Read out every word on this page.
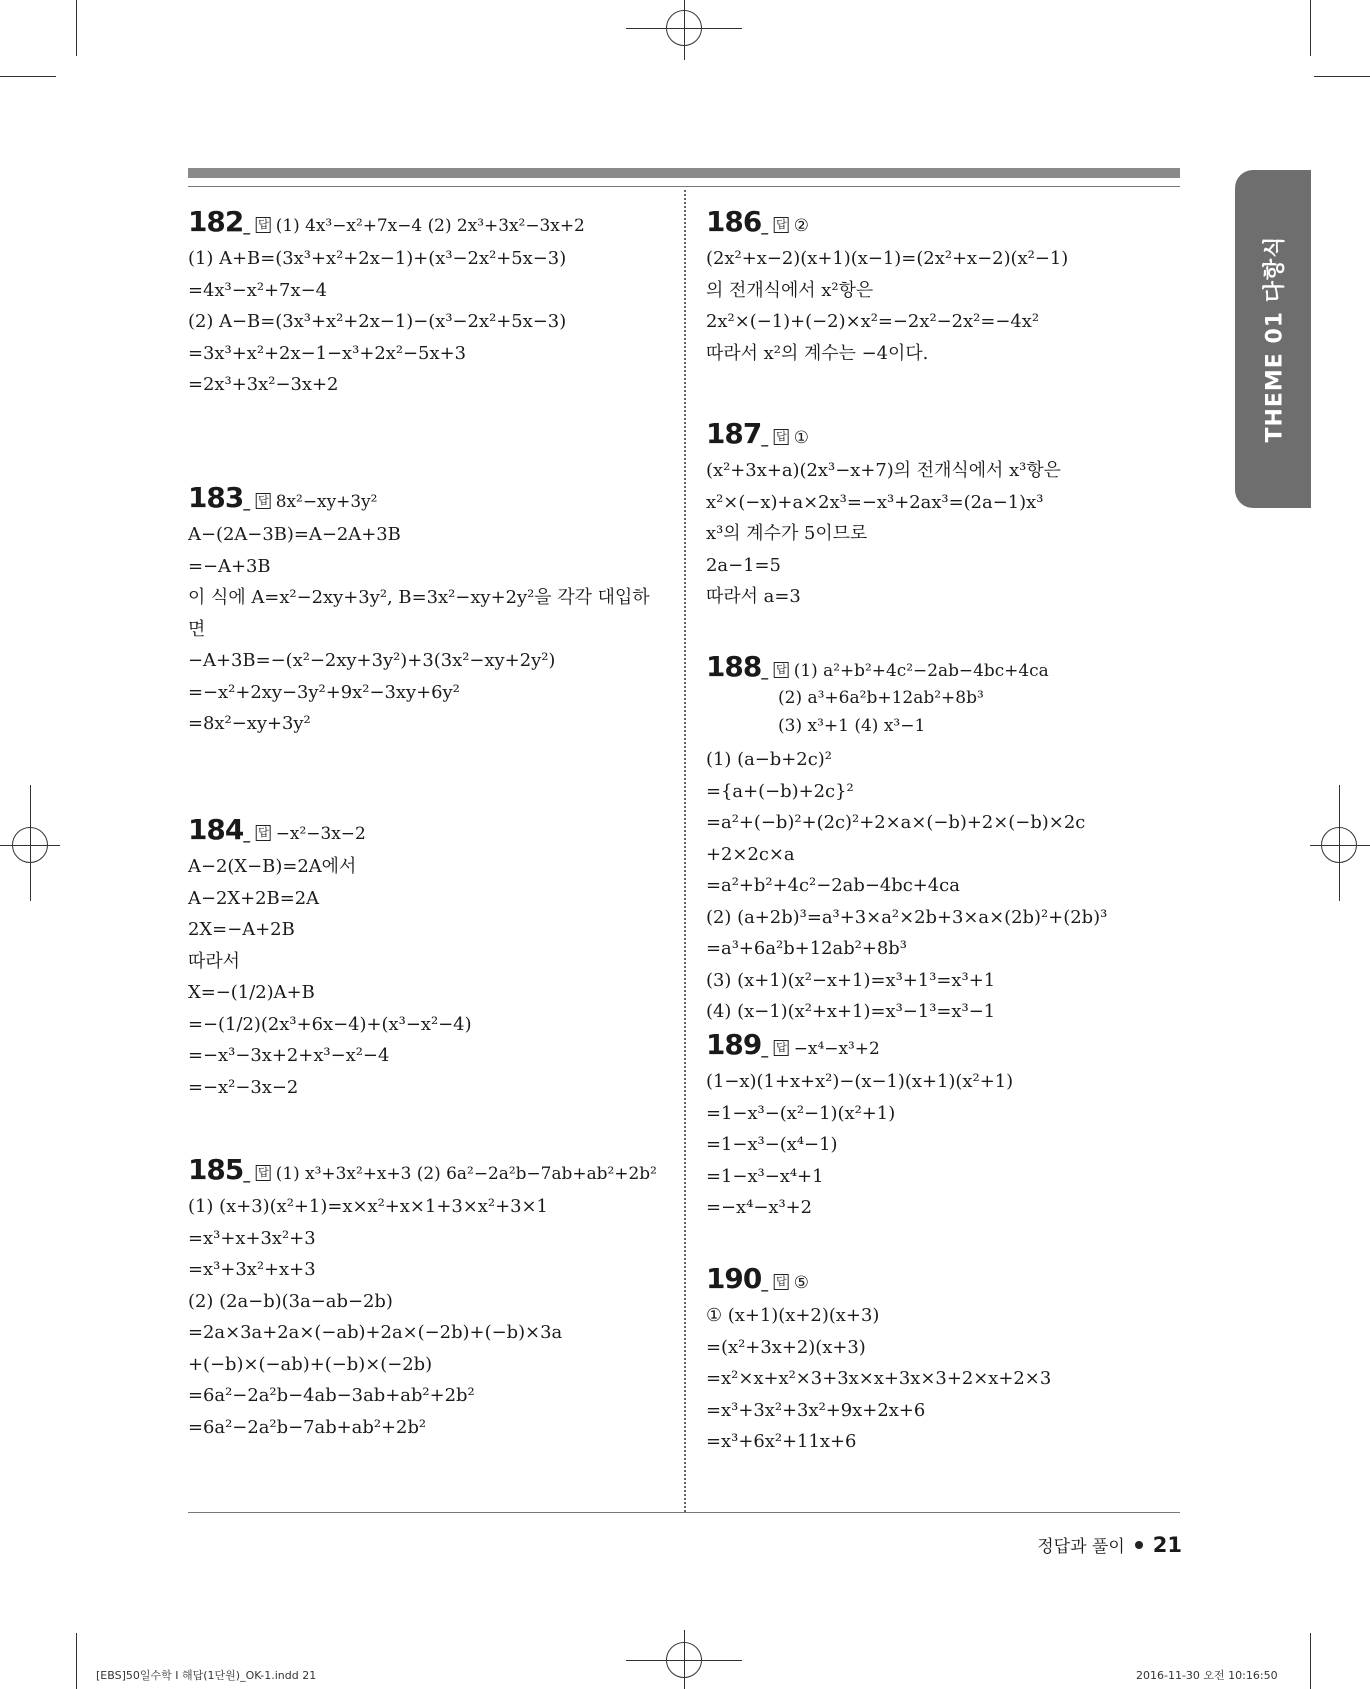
THEME 01 다항식
182 _ 답 (1) 4x³−x²+7x−4 (2) 2x³+3x²−3x+2
(1) A+B=(3x³+x²+2x−1)+(x³−2x²+5x−3)
=4x³−x²+7x−4
(2) A−B=(3x³+x²+2x−1)−(x³−2x²+5x−3)
=3x³+x²+2x−1−x³+2x²−5x+3
=2x³+3x²−3x+2
183 _ 답 8x²−xy+3y²
A−(2A−3B)=A−2A+3B
=−A+3B
이 식에 A=x²−2xy+3y², B=3x²−xy+2y²을 각각 대입하
면
−A+3B=−(x²−2xy+3y²)+3(3x²−xy+2y²)
=−x²+2xy−3y²+9x²−3xy+6y²
=8x²−xy+3y²
184 _ 답 −x²−3x−2
A−2(X−B)=2A에서
A−2X+2B=2A
2X=−A+2B
따라서
X=−(1/2)A+B
=−(1/2)(2x³+6x−4)+(x³−x²−4)
=−x³−3x+2+x³−x²−4
=−x²−3x−2
185 _ 답 (1) x³+3x²+x+3 (2) 6a²−2a²b−7ab+ab²+2b²
(1) (x+3)(x²+1)=x×x²+x×1+3×x²+3×1
=x³+x+3x²+3
=x³+3x²+x+3
(2) (2a−b)(3a−ab−2b)
=2a×3a+2a×(−ab)+2a×(−2b)+(−b)×3a
+(−b)×(−ab)+(−b)×(−2b)
=6a²−2a²b−4ab−3ab+ab²+2b²
=6a²−2a²b−7ab+ab²+2b²
186 _ 답 ②
(2x²+x−2)(x+1)(x−1)=(2x²+x−2)(x²−1)
의 전개식에서 x²항은
2x²×(−1)+(−2)×x²=−2x²−2x²=−4x²
따라서 x²의 계수는 −4이다.
187 _ 답 ①
(x²+3x+a)(2x³−x+7)의 전개식에서 x³항은
x²×(−x)+a×2x³=−x³+2ax³=(2a−1)x³
x³의 계수가 5이므로
2a−1=5
따라서 a=3
188 _ 답 (1) a²+b²+4c²−2ab−4bc+4ca
(2) a³+6a²b+12ab²+8b³
(3) x³+1 (4) x³−1
(1) (a−b+2c)²
={a+(−b)+2c}²
=a²+(−b)²+(2c)²+2×a×(−b)+2×(−b)×2c
+2×2c×a
=a²+b²+4c²−2ab−4bc+4ca
(2) (a+2b)³=a³+3×a²×2b+3×a×(2b)²+(2b)³
=a³+6a²b+12ab²+8b³
(3) (x+1)(x²−x+1)=x³+1³=x³+1
(4) (x−1)(x²+x+1)=x³−1³=x³−1
189 _ 답 −x⁴−x³+2
(1−x)(1+x+x²)−(x−1)(x+1)(x²+1)
=1−x³−(x²−1)(x²+1)
=1−x³−(x⁴−1)
=1−x³−x⁴+1
=−x⁴−x³+2
190 _ 답 ⑤
① (x+1)(x+2)(x+3)
=(x²+3x+2)(x+3)
=x²×x+x²×3+3x×x+3x×3+2×x+2×3
=x³+3x²+3x²+9x+2x+6
=x³+6x²+11x+6
정답과 풀이 21
[EBS]50일수학 I 해답(1단원)_OK-1.indd 21	2016-11-30 오전 10:16:50
